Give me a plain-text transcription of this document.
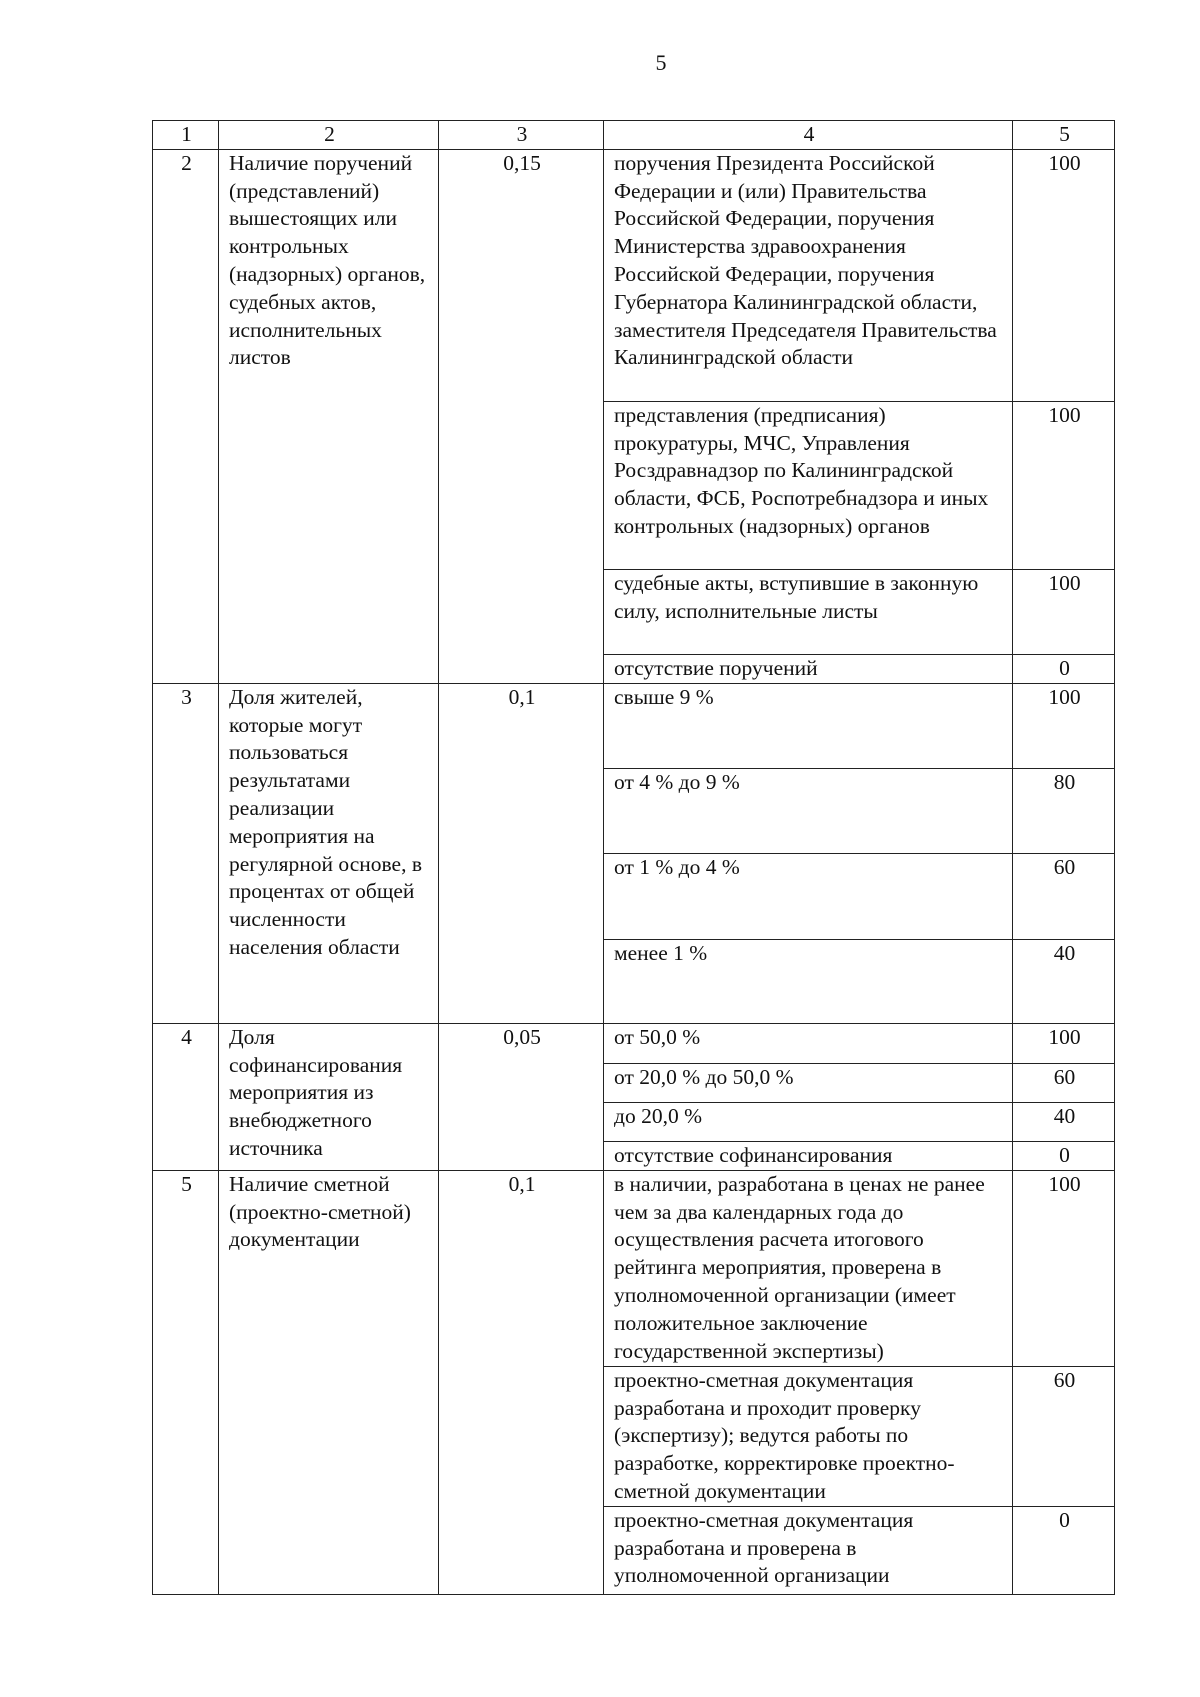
5
1	2	3	4	5
2	Наличие поручений (представлений) вышестоящих или контрольных (надзорных) органов, судебных актов, исполнительных листов	0,15	поручения Президента Российской Федерации и (или) Правительства Российской Федерации, поручения Министерства здравоохранения Российской Федерации, поручения Губернатора Калининградской области, заместителя Председателя Правительства Калининградской области	100
			представления (предписания) прокуратуры, МЧС, Управления Росздравнадзор по Калининградской области, ФСБ, Роспотребнадзора и иных контрольных (надзорных) органов	100
			судебные акты, вступившие в законную силу, исполнительные листы	100
			отсутствие поручений	0
3	Доля жителей, которые могут пользоваться результатами реализации мероприятия на регулярной основе, в процентах от общей численности населения области	0,1	свыше 9 %	100
			от 4 % до 9 %	80
			от 1 % до 4 %	60
			менее 1 %	40
4	Доля софинансирования мероприятия из внебюджетного источника	0,05	от 50,0 %	100
			от 20,0 % до 50,0 %	60
			до 20,0 %	40
			отсутствие софинансирования	0
5	Наличие сметной (проектно-сметной) документации	0,1	в наличии, разработана в ценах не ранее чем за два календарных года до осуществления расчета итогового рейтинга мероприятия, проверена в уполномоченной организации (имеет положительное заключение государственной экспертизы)	100
			проектно-сметная документация разработана и проходит проверку (экспертизу); ведутся работы по разработке, корректировке проектно-сметной документации	60
			проектно-сметная документация разработана и проверена в уполномоченной организации	0
